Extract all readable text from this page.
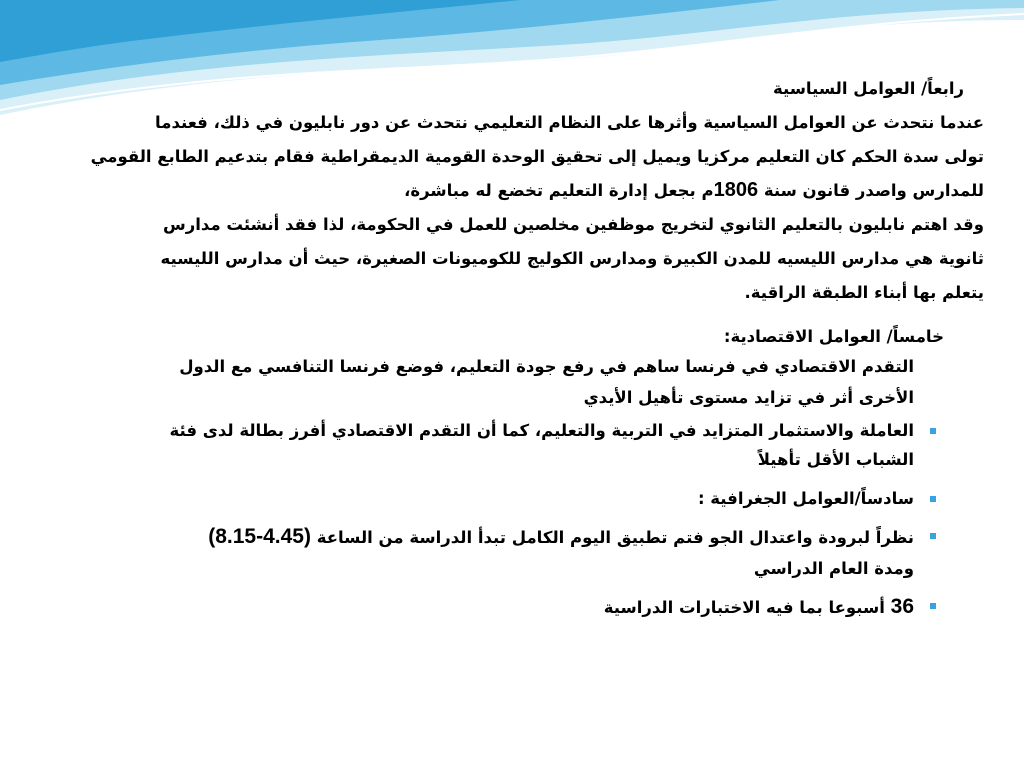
رابعاً/ العوامل السياسية
عندما نتحدث عن العوامل السياسية وأثرها على النظام التعليمي نتحدث عن دور نابليون في ذلك، فعندما
تولى سدة الحكم كان التعليم مركزيا ويميل إلى تحقيق الوحدة القومية الديمقراطية فقام بتدعيم الطابع القومي
للمدارس واصدر قانون سنة 1806م بجعل إدارة التعليم تخضع له مباشرة،
وقد اهتم نابليون بالتعليم الثانوي لتخريج موظفين مخلصين للعمل في الحكومة، لذا فقد أنشئت مدارس
ثانوية هي مدارس الليسيه للمدن الكبيرة ومدارس الكوليج للكوميونات الصغيرة، حيث أن مدارس الليسيه
يتعلم بها أبناء الطبقة الراقية.
خامساً/ العوامل الاقتصادية:
التقدم الاقتصادي في فرنسا ساهم في رفع جودة التعليم، فوضع فرنسا التنافسي مع الدول
الأخرى أثر في تزايد مستوى تأهيل الأيدي
العاملة والاستثمار المتزايد في التربية والتعليم، كما أن التقدم الاقتصادي أفرز بطالة لدى فئة
الشباب الأقل تأهيلاً
سادساً/العوامل الجغرافية :
نظراً لبرودة واعتدال الجو فتم تطبيق اليوم الكامل تبدأ الدراسة من الساعة (4.45-8.15)
ومدة العام الدراسي
36 أسبوعا بما فيه الاختبارات الدراسية
